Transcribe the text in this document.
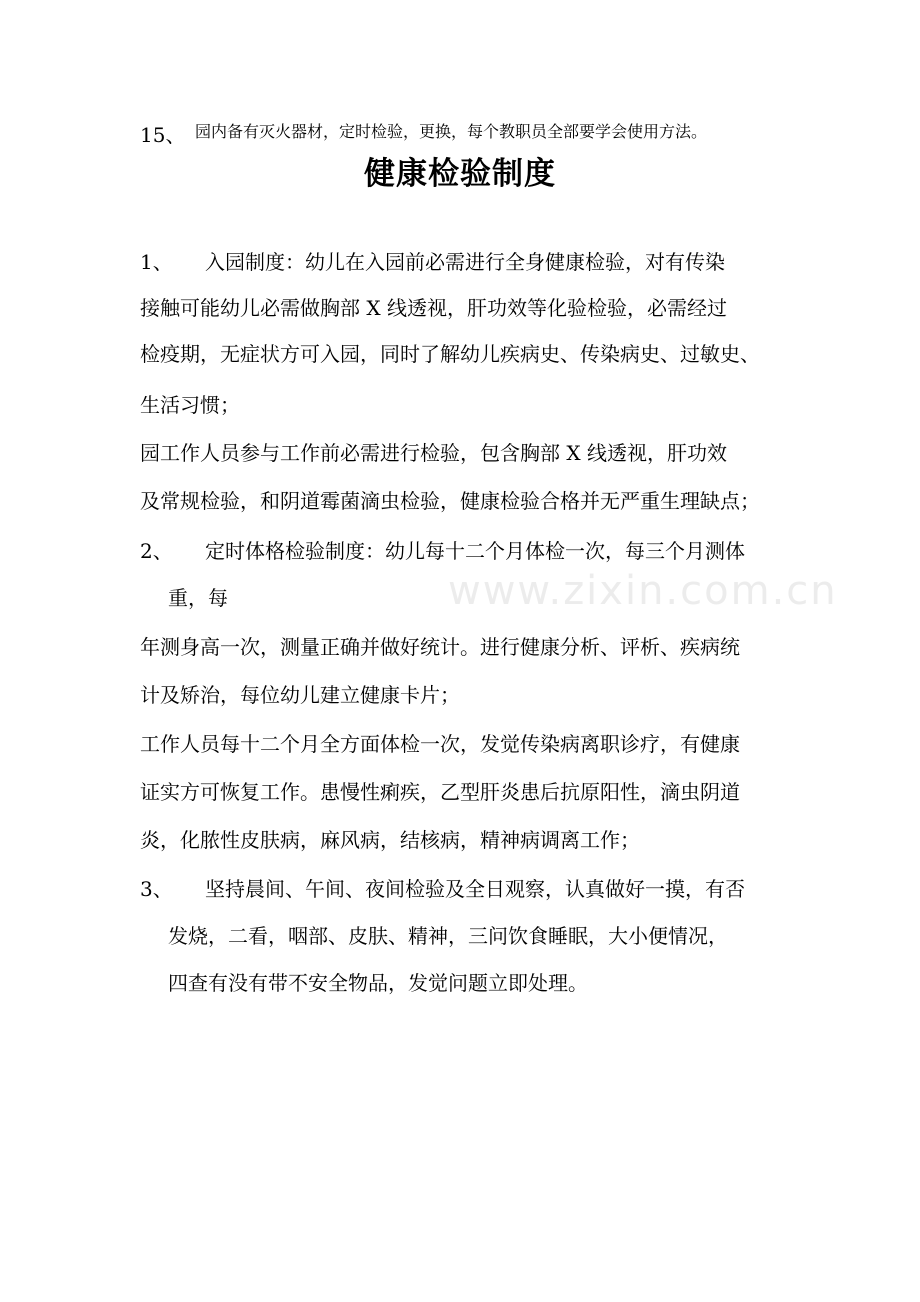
15、 园内备有灭火器材，定时检验，更换，每个教职员全部要学会使用方法。
健康检验制度
www.zixin.com.cn
1、 入园制度：幼儿在入园前必需进行全身健康检验，对有传染
接触可能幼儿必需做胸部 X 线透视，肝功效等化验检验，必需经过
检疫期，无症状方可入园，同时了解幼儿疾病史、传染病史、过敏史、
生活习惯；
园工作人员参与工作前必需进行检验，包含胸部 X 线透视，肝功效
及常规检验，和阴道霉菌滴虫检验，健康检验合格并无严重生理缺点；
2、 定时体格检验制度：幼儿每十二个月体检一次，每三个月测体
重，每
年测身高一次，测量正确并做好统计。进行健康分析、评析、疾病统
计及矫治，每位幼儿建立健康卡片；
工作人员每十二个月全方面体检一次，发觉传染病离职诊疗，有健康
证实方可恢复工作。患慢性痢疾，乙型肝炎患后抗原阳性，滴虫阴道
炎，化脓性皮肤病，麻风病，结核病，精神病调离工作；
3、 坚持晨间、午间、夜间检验及全日观察，认真做好一摸，有否
发烧，二看，咽部、皮肤、精神，三问饮食睡眠，大小便情况，
四查有没有带不安全物品，发觉问题立即处理。
